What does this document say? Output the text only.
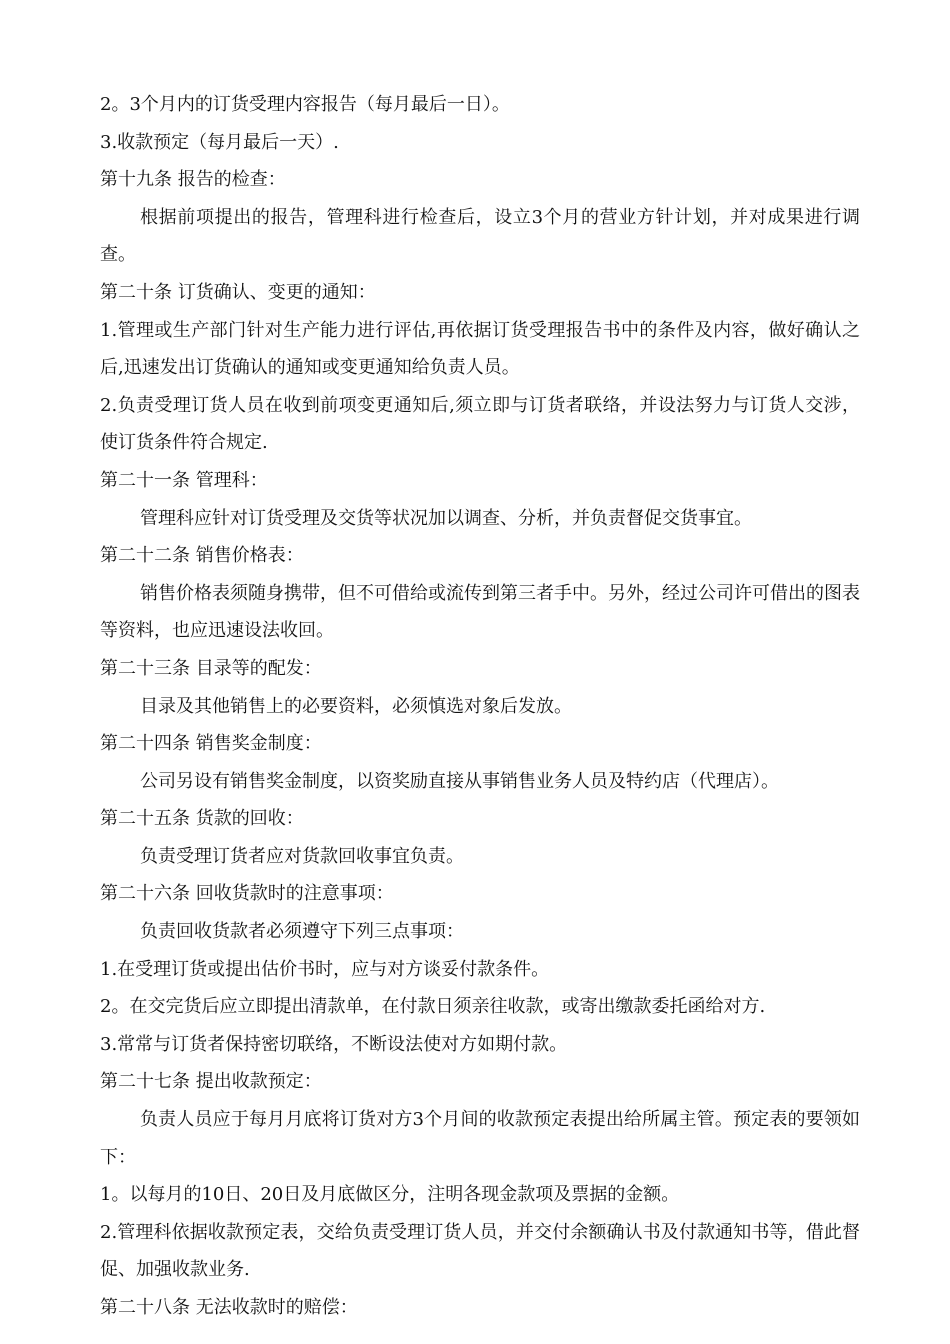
2。3个月内的订货受理内容报告（每月最后一日）。

3.收款预定（每月最后一天）.

第十九条 报告的检查：

根据前项提出的报告，管理科进行检查后，设立3个月的营业方针计划，并对成果进行调查。

第二十条 订货确认、变更的通知：

1.管理或生产部门针对生产能力进行评估,再依据订货受理报告书中的条件及内容，做好确认之后,迅速发出订货确认的通知或变更通知给负责人员。

2.负责受理订货人员在收到前项变更通知后,须立即与订货者联络，并设法努力与订货人交涉，使订货条件符合规定.

第二十一条 管理科：

管理科应针对订货受理及交货等状况加以调查、分析，并负责督促交货事宜。

第二十二条 销售价格表：

销售价格表须随身携带，但不可借给或流传到第三者手中。另外，经过公司许可借出的图表等资料，也应迅速设法收回。

第二十三条 目录等的配发：

目录及其他销售上的必要资料，必须慎选对象后发放。

第二十四条 销售奖金制度：

公司另设有销售奖金制度，以资奖励直接从事销售业务人员及特约店（代理店）。

第二十五条 货款的回收：

负责受理订货者应对货款回收事宜负责。

第二十六条 回收货款时的注意事项：

负责回收货款者必须遵守下列三点事项：

1.在受理订货或提出估价书时，应与对方谈妥付款条件。

2。在交完货后应立即提出清款单，在付款日须亲往收款，或寄出缴款委托函给对方.

3.常常与订货者保持密切联络，不断设法使对方如期付款。

第二十七条 提出收款预定：

负责人员应于每月月底将订货对方3个月间的收款预定表提出给所属主管。预定表的要领如下：

1。以每月的10日、20日及月底做区分，注明各现金款项及票据的金额。

2.管理科依据收款预定表，交给负责受理订货人员，并交付余额确认书及付款通知书等，借此督促、加强收款业务.

第二十八条 无法收款时的赔偿：
